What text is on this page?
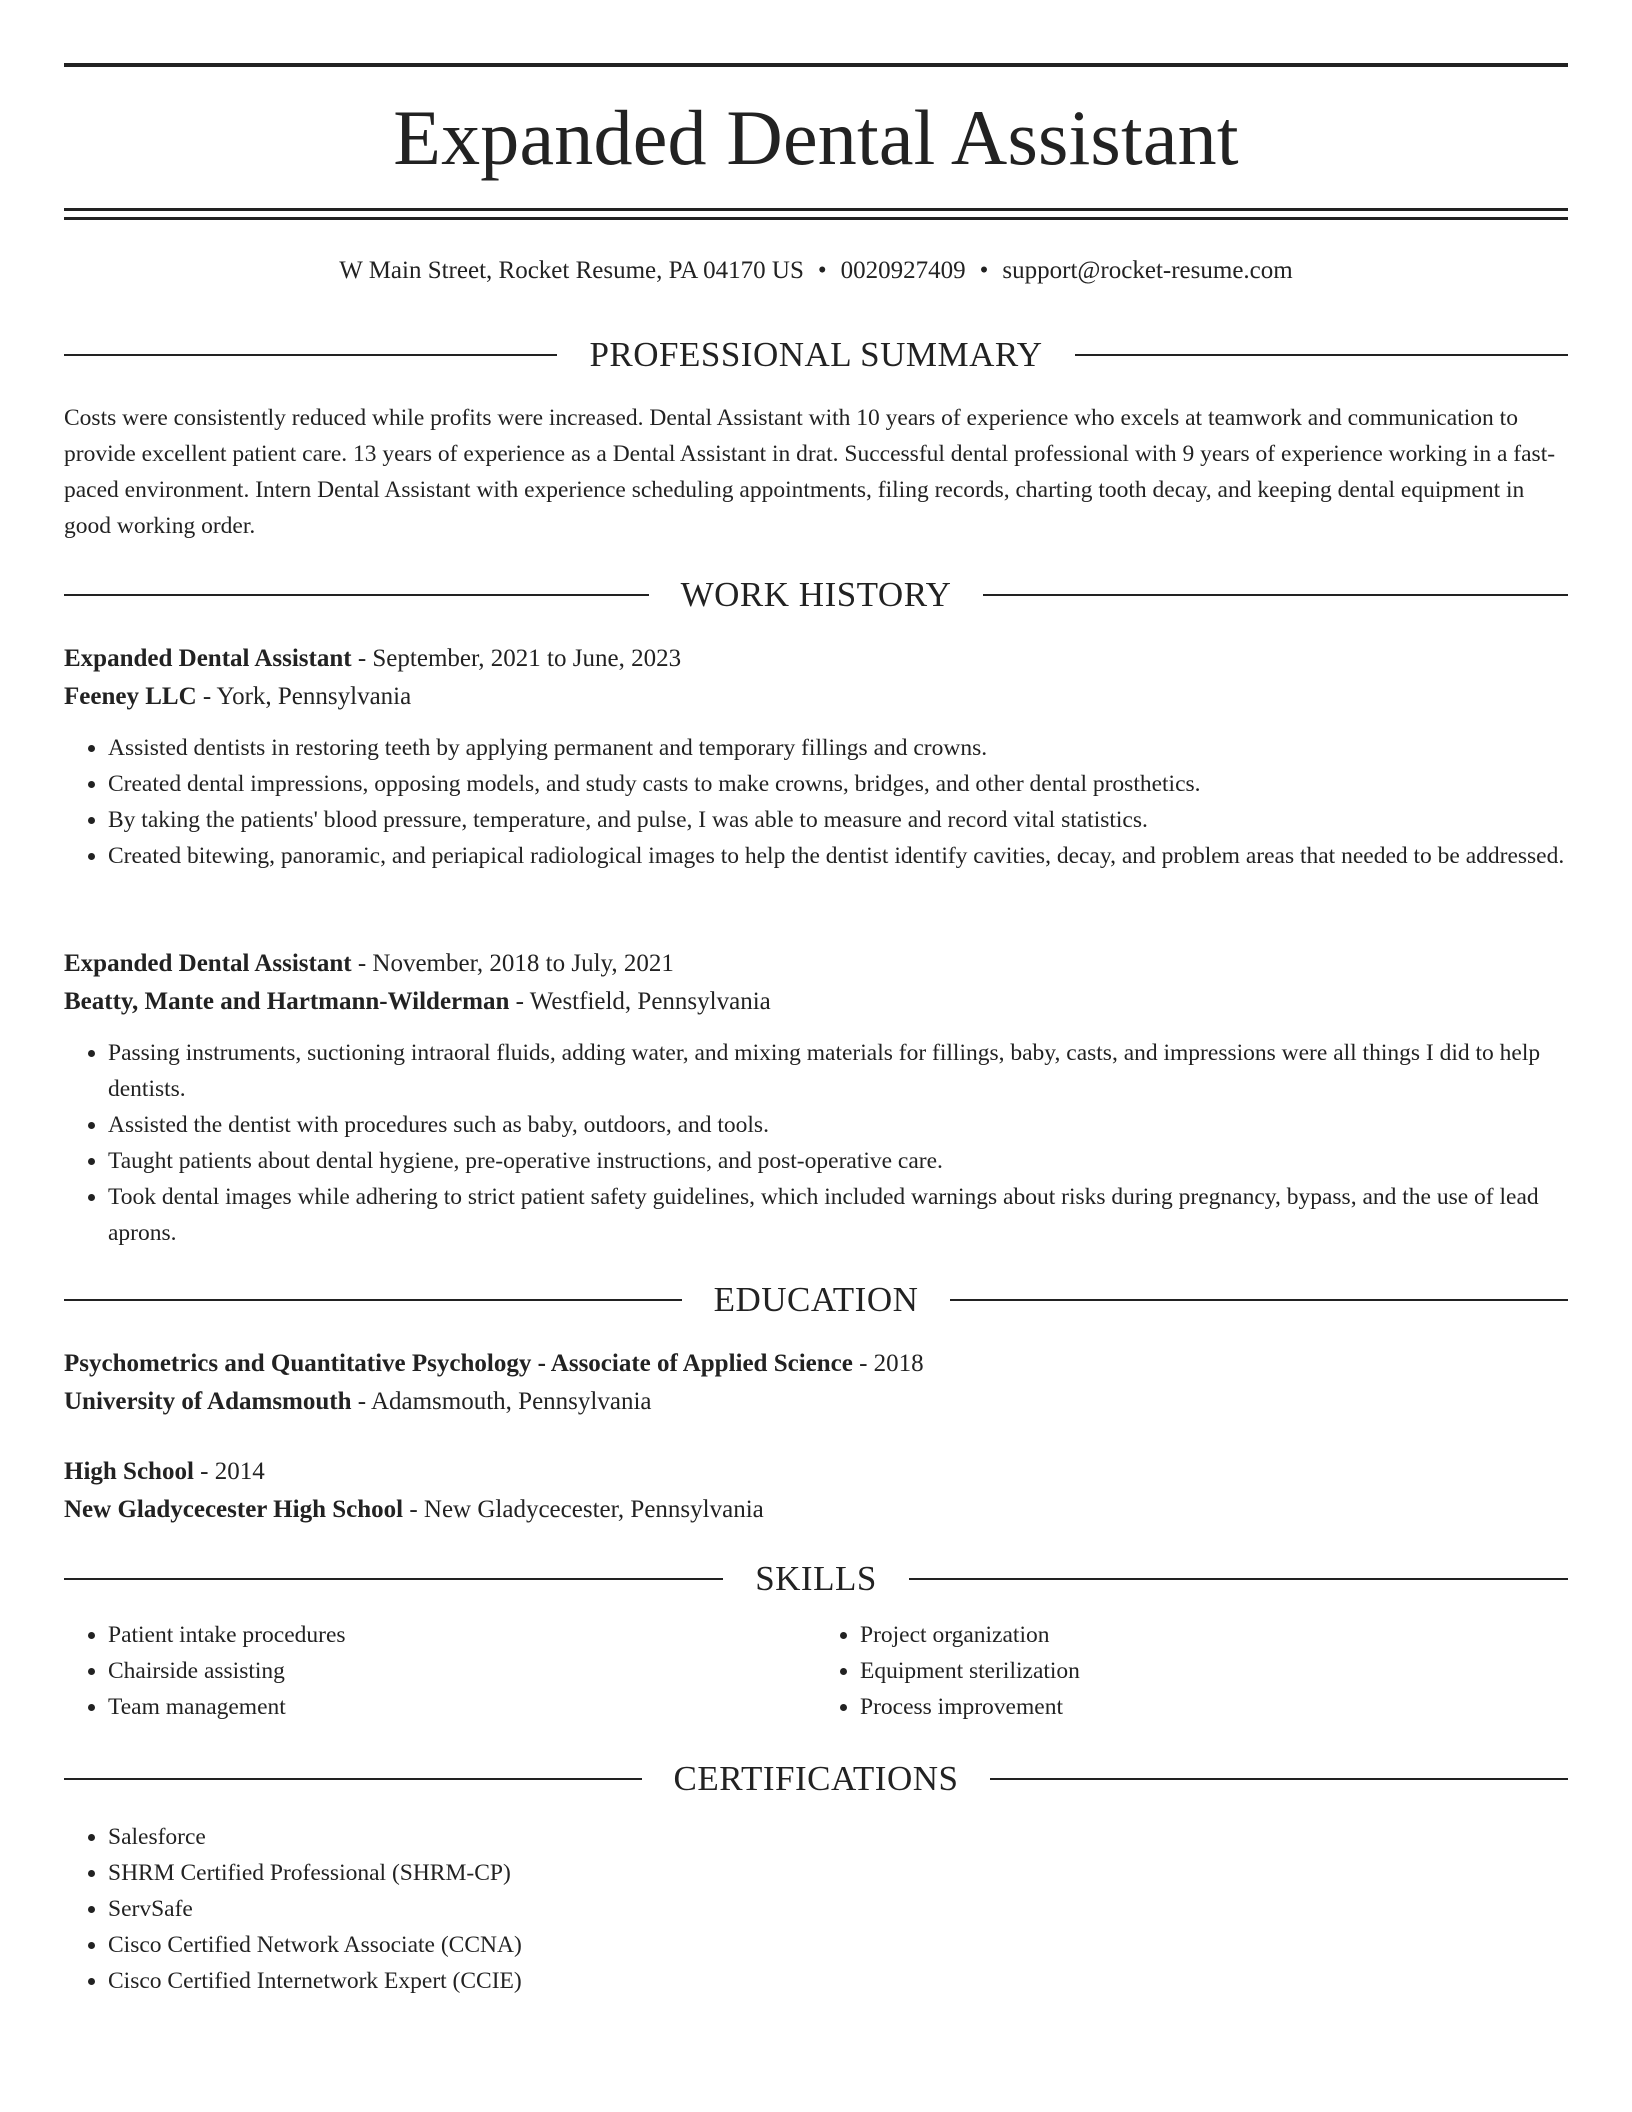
Expanded Dental Assistant
W Main Street, Rocket Resume, PA 04170 US • 0020927409 • support@rocket-resume.com
PROFESSIONAL SUMMARY

Costs were consistently reduced while profits were increased. Dental Assistant with 10 years of experience who excels at teamwork and communication to provide excellent patient care. 13 years of experience as a Dental Assistant in drat. Successful dental professional with 9 years of experience working in a fast-paced environment. Intern Dental Assistant with experience scheduling appointments, filing records, charting tooth decay, and keeping dental equipment in good working order.

WORK HISTORY
Expanded Dental Assistant - September, 2021 to June, 2023
Feeney LLC - York, Pennsylvania
• Assisted dentists in restoring teeth by applying permanent and temporary fillings and crowns.
• Created dental impressions, opposing models, and study casts to make crowns, bridges, and other dental prosthetics.
• By taking the patients' blood pressure, temperature, and pulse, I was able to measure and record vital statistics.
• Created bitewing, panoramic, and periapical radiological images to help the dentist identify cavities, decay, and problem areas that needed to be addressed.
Expanded Dental Assistant - November, 2018 to July, 2021
Beatty, Mante and Hartmann-Wilderman - Westfield, Pennsylvania
• Passing instruments, suctioning intraoral fluids, adding water, and mixing materials for fillings, baby, casts, and impressions were all things I did to help dentists.
• Assisted the dentist with procedures such as baby, outdoors, and tools.
• Taught patients about dental hygiene, pre-operative instructions, and post-operative care.
• Took dental images while adhering to strict patient safety guidelines, which included warnings about risks during pregnancy, bypass, and the use of lead aprons.
EDUCATION
Psychometrics and Quantitative Psychology - Associate of Applied Science - 2018
University of Adamsmouth - Adamsmouth, Pennsylvania
High School - 2014
New Gladycecester High School - New Gladycecester, Pennsylvania
SKILLS
• Patient intake procedures
• Chairside assisting
• Team management
• Project organization
• Equipment sterilization
• Process improvement
CERTIFICATIONS
• Salesforce
• SHRM Certified Professional (SHRM-CP)
• ServSafe
• Cisco Certified Network Associate (CCNA)
• Cisco Certified Internetwork Expert (CCIE)
